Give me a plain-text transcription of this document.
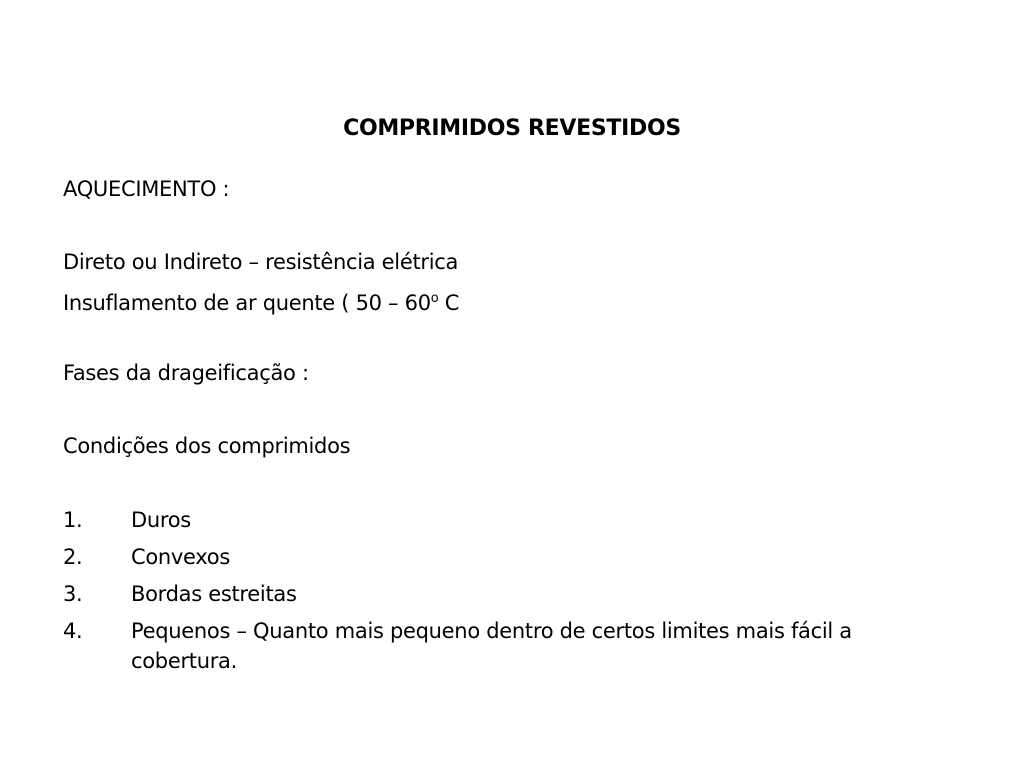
COMPRIMIDOS REVESTIDOS
AQUECIMENTO :
Direto ou Indireto – resistência elétrica
Insuflamento de ar quente ( 50 – 60$^o$ C
Fases da drageificação :
Condições dos comprimidos
1. Duros
2. Convexos
3. Bordas estreitas
4. Pequenos – Quanto mais pequeno dentro de certos limites mais fácil a cobertura.
